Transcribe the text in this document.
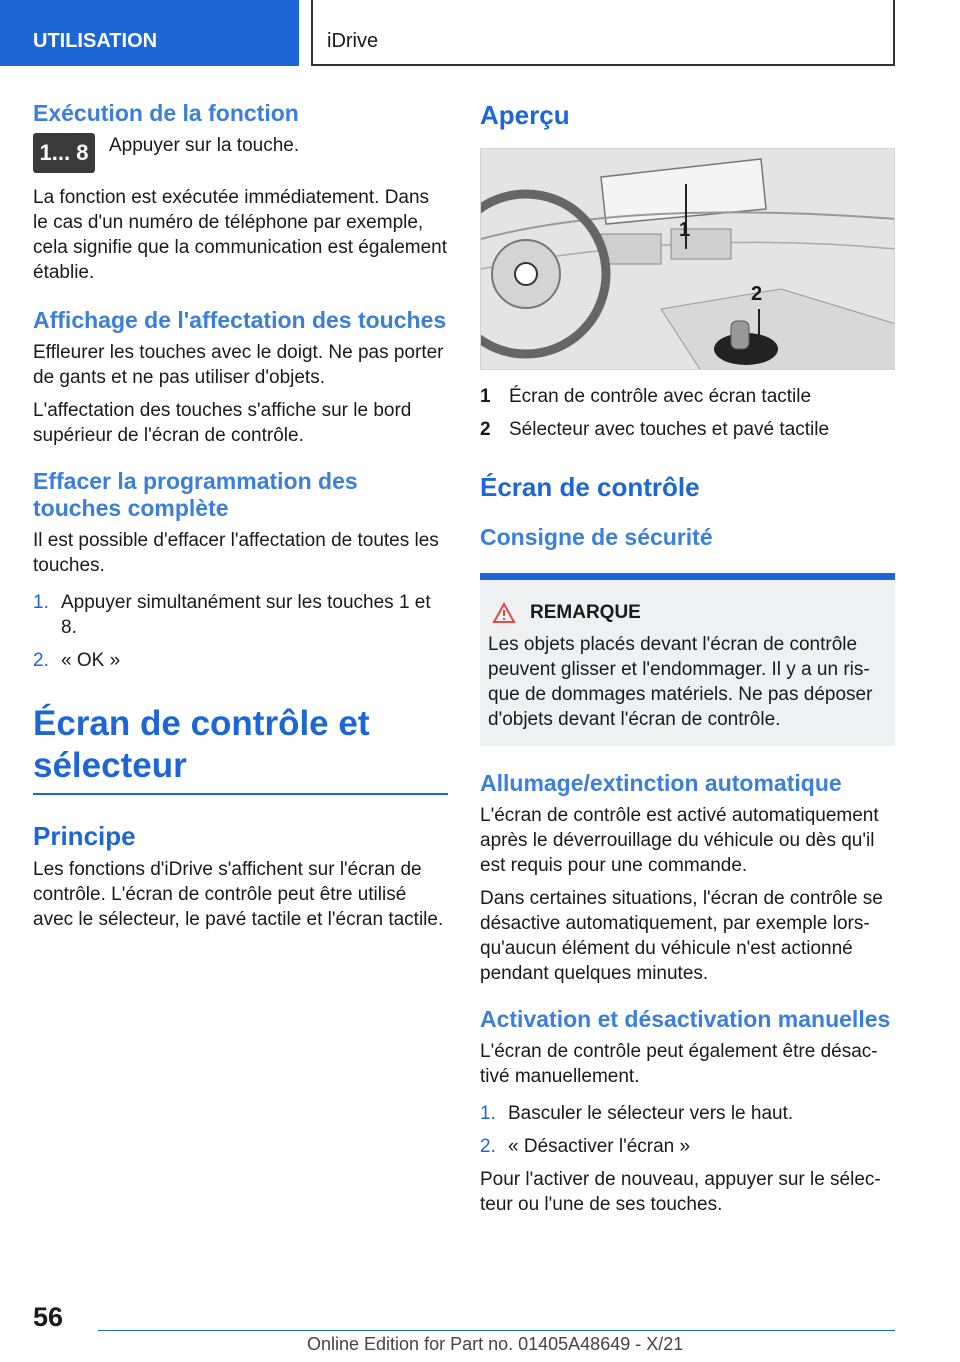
UTILISATION	iDrive
Exécution de la fonction
1... 8	Appuyer sur la touche.

La fonction est exécutée immédiatement. Dans le cas d'un numéro de téléphone par exemple, cela signifie que la communication est également établie.

Affichage de l'affectation des touches

Effleurer les touches avec le doigt. Ne pas porter de gants et ne pas utiliser d'objets.

L'affectation des touches s'affiche sur le bord supérieur de l'écran de contrôle.

Effacer la programmation des touches complète

Il est possible d'effacer l'affectation de toutes les touches.

1. Appuyer simultanément sur les touches 1 et 8.
2. « OK »
Écran de contrôle et sélecteur
Principe

Les fonctions d'iDrive s'affichent sur l'écran de contrôle. L'écran de contrôle peut être utilisé avec le sélecteur, le pavé tactile et l'écran tactile.

Aperçu
1
2
1 Écran de contrôle avec écran tactile
2 Sélecteur avec touches et pavé tactile
Écran de contrôle
Consigne de sécurité
REMARQUE

Les objets placés devant l'écran de contrôle peuvent glisser et l'endommager. Il y a un risque de dommages matériels. Ne pas déposer d'objets devant l'écran de contrôle.

Allumage/extinction automatique

L'écran de contrôle est activé automatiquement après le déverrouillage du véhicule ou dès qu'il est requis pour une commande.

Dans certaines situations, l'écran de contrôle se désactive automatiquement, par exemple lorsqu'aucun élément du véhicule n'est actionné pendant quelques minutes.

Activation et désactivation manuelles

L'écran de contrôle peut également être désactivé manuellement.

1. Basculer le sélecteur vers le haut.
2. « Désactiver l'écran »

Pour l'activer de nouveau, appuyer sur le sélecteur ou l'une de ses touches.

56
Online Edition for Part no. 01405A48649 - X/21
